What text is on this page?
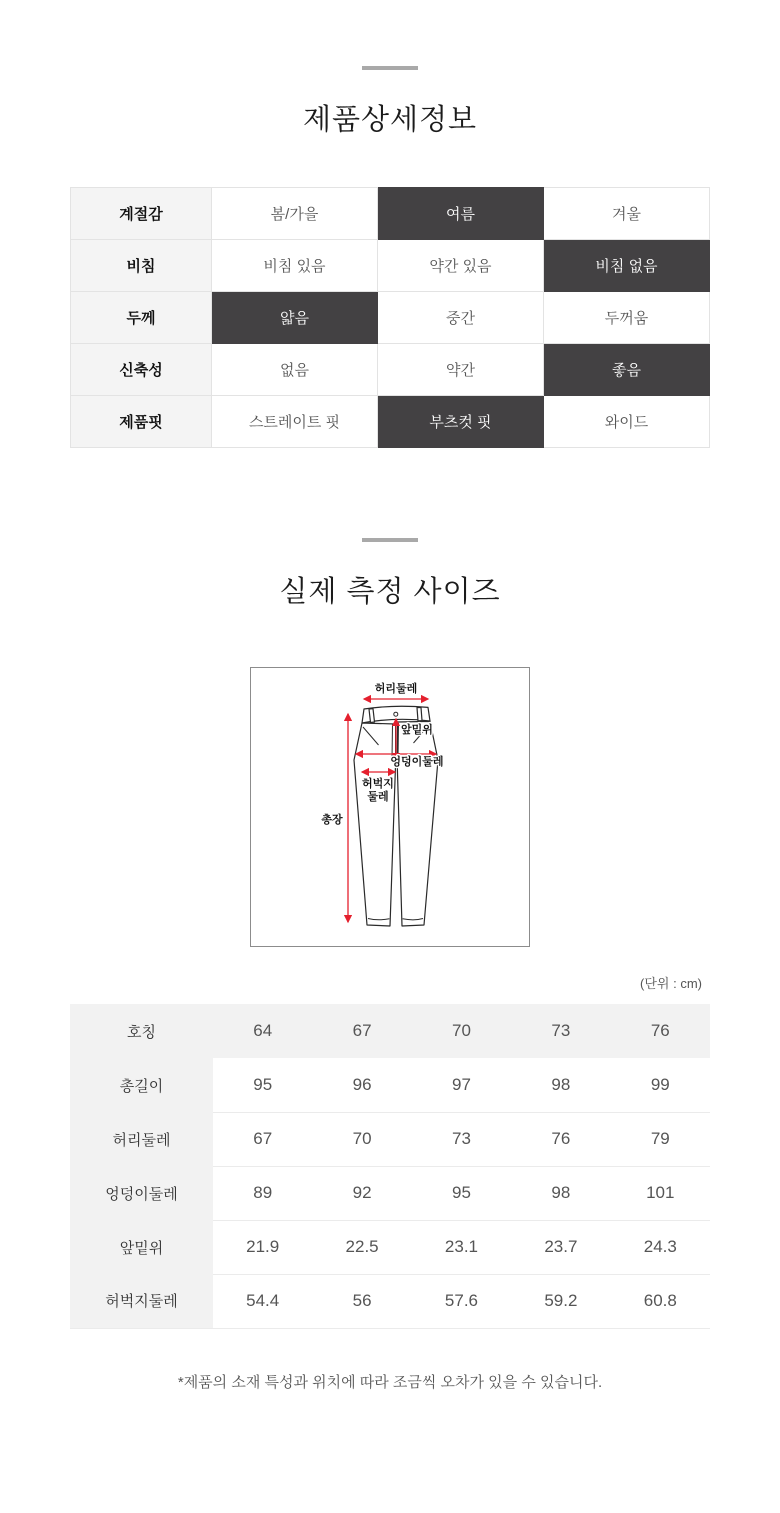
제품상세정보
계절감	봄/가을	여름	겨울
비침	비침 있음	약간 있음	비침 없음
두께	얇음	중간	두꺼움
신축성	없음	약간	좋음
제품핏	스트레이트 핏	부츠컷 핏	와이드
실제 측정 사이즈
허리둘레
앞밑위
엉덩이둘레
허벅지
둘레
총장
(단위 : cm)
호칭	64	67	70	73	76
총길이	95	96	97	98	99
허리둘레	67	70	73	76	79
엉덩이둘레	89	92	95	98	101
앞밑위	21.9	22.5	23.1	23.7	24.3
허벅지둘레	54.4	56	57.6	59.2	60.8

*제품의 소재 특성과 위치에 따라 조금씩 오차가 있을 수 있습니다.
